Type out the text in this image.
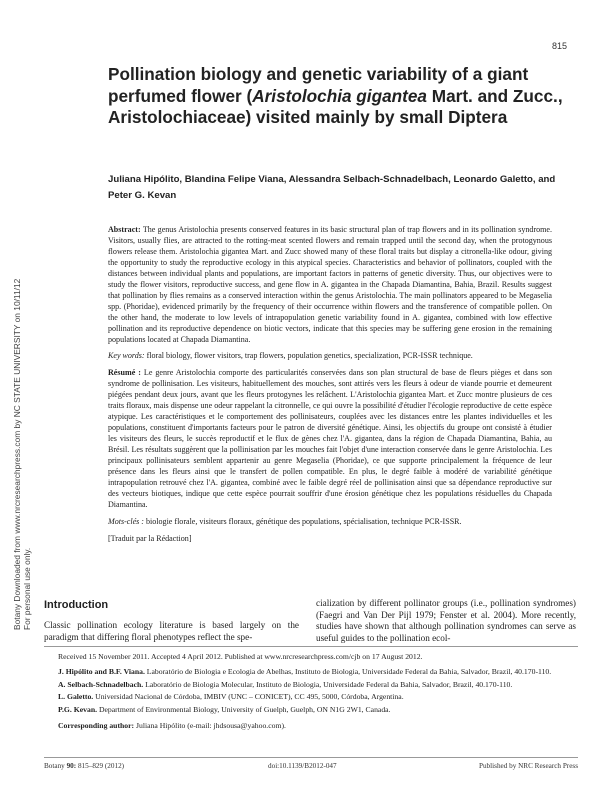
815
Botany Downloaded from www.nrcresearchpress.com by NC STATE UNIVERSITY on 10/11/12 For personal use only.
Pollination biology and genetic variability of a giant perfumed flower (Aristolochia gigantea Mart. and Zucc., Aristolochiaceae) visited mainly by small Diptera
Juliana Hipólito, Blandina Felipe Viana, Alessandra Selbach-Schnadelbach, Leonardo Galetto, and Peter G. Kevan

Abstract: The genus Aristolochia presents conserved features in its basic structural plan of trap flowers and in its pollination syndrome. Visitors, usually flies, are attracted to the rotting-meat scented flowers and remain trapped until the second day, when the protogynous flowers release them. Aristolochia gigantea Mart. and Zucc showed many of these floral traits but display a citronella-like odour, giving the opportunity to study the reproductive ecology in this atypical species. Characteristics and behavior of pollinators, coupled with the distances between individual plants and populations, are important factors in patterns of genetic diversity. Thus, our objectives were to study the flower visitors, reproductive success, and gene flow in A. gigantea in the Chapada Diamantina, Bahia, Brazil. Results suggest that pollination by flies remains as a conserved interaction within the genus Aristolochia. The main pollinators appeared to be Megaselia spp. (Phoridae), evidenced primarily by the frequency of their occurrence within flowers and the transference of compatible pollen. On the other hand, the moderate to low levels of intrapopulation genetic variability found in A. gigantea, combined with low effective pollination and its reproductive dependence on biotic vectors, indicate that this species may be suffering gene erosion in the remaining populations located at Chapada Diamantina.

Key words: floral biology, flower visitors, trap flowers, population genetics, specialization, PCR-ISSR technique.

Résumé : Le genre Aristolochia comporte des particularités conservées dans son plan structural de base de fleurs pièges et dans son syndrome de pollinisation. Les visiteurs, habituellement des mouches, sont attirés vers les fleurs à odeur de viande pourrie et demeurent piégées pendant deux jours, avant que les fleurs protogynes les relâchent. L'Aristolochia gigantea Mart. et Zucc montre plusieurs de ces traits floraux, mais dispense une odeur rappelant la citronnelle, ce qui ouvre la possibilité d'étudier l'écologie reproductive de cette espèce atypique. Les caractéristiques et le comportement des pollinisateurs, couplées avec les distances entre les plantes individuelles et les populations, constituent d'importants facteurs pour le patron de diversité génétique. Ainsi, les objectifs du groupe ont consisté à étudier les visiteurs des fleurs, le succès reproductif et le flux de gènes chez l'A. gigantea, dans la région de Chapada Diamantina, Bahia, au Brésil. Les résultats suggèrent que la pollinisation par les mouches fait l'objet d'une interaction conservée dans le genre Aristolochia. Les principaux pollinisateurs semblent appartenir au genre Megaselia (Phoridae), ce que supporte principalement la fréquence de leur présence dans les fleurs ainsi que le transfert de pollen compatible. En plus, le degré faible à modéré de variabilité génétique intrapopulation retrouvé chez l'A. gigantea, combiné avec le faible degré réel de pollinisation ainsi que sa dépendance reproductive sur des vecteurs biotiques, indique que cette espèce pourrait souffrir d'une érosion génétique chez les populations résiduelles du Chapada Diamantina.

Mots-clés : biologie florale, visiteurs floraux, génétique des populations, spécialisation, technique PCR-ISSR.

[Traduit par la Rédaction]

Introduction
Classic pollination ecology literature is based largely on the paradigm that differing floral phenotypes reflect the spe-
cialization by different pollinator groups (i.e., pollination syndromes) (Faegri and Van Der Pijl 1979; Fenster et al. 2004). More recently, studies have shown that although pollination syndromes can serve as useful guides to the pollination ecol-
Received 15 November 2011. Accepted 4 April 2012. Published at www.nrcresearchpress.com/cjb on 17 August 2012.
J. Hipólito and B.F. Viana. Laboratório de Biologia e Ecologia de Abelhas, Instituto de Biologia, Universidade Federal da Bahia, Salvador, Brazil, 40.170-110.
A. Selbach-Schnadelbach. Laboratório de Biologia Molecular, Instituto de Biologia, Universidade Federal da Bahia, Salvador, Brazil, 40.170-110.
L. Galetto. Universidad Nacional de Córdoba, IMBIV (UNC – CONICET), CC 495, 5000, Córdoba, Argentina.
P.G. Kevan. Department of Environmental Biology, University of Guelph, Guelph, ON N1G 2W1, Canada.
Corresponding author: Juliana Hipólito (e-mail: jhdsousa@yahoo.com).
Botany 90: 815–829 (2012)	doi:10.1139/B2012-047	Published by NRC Research Press
